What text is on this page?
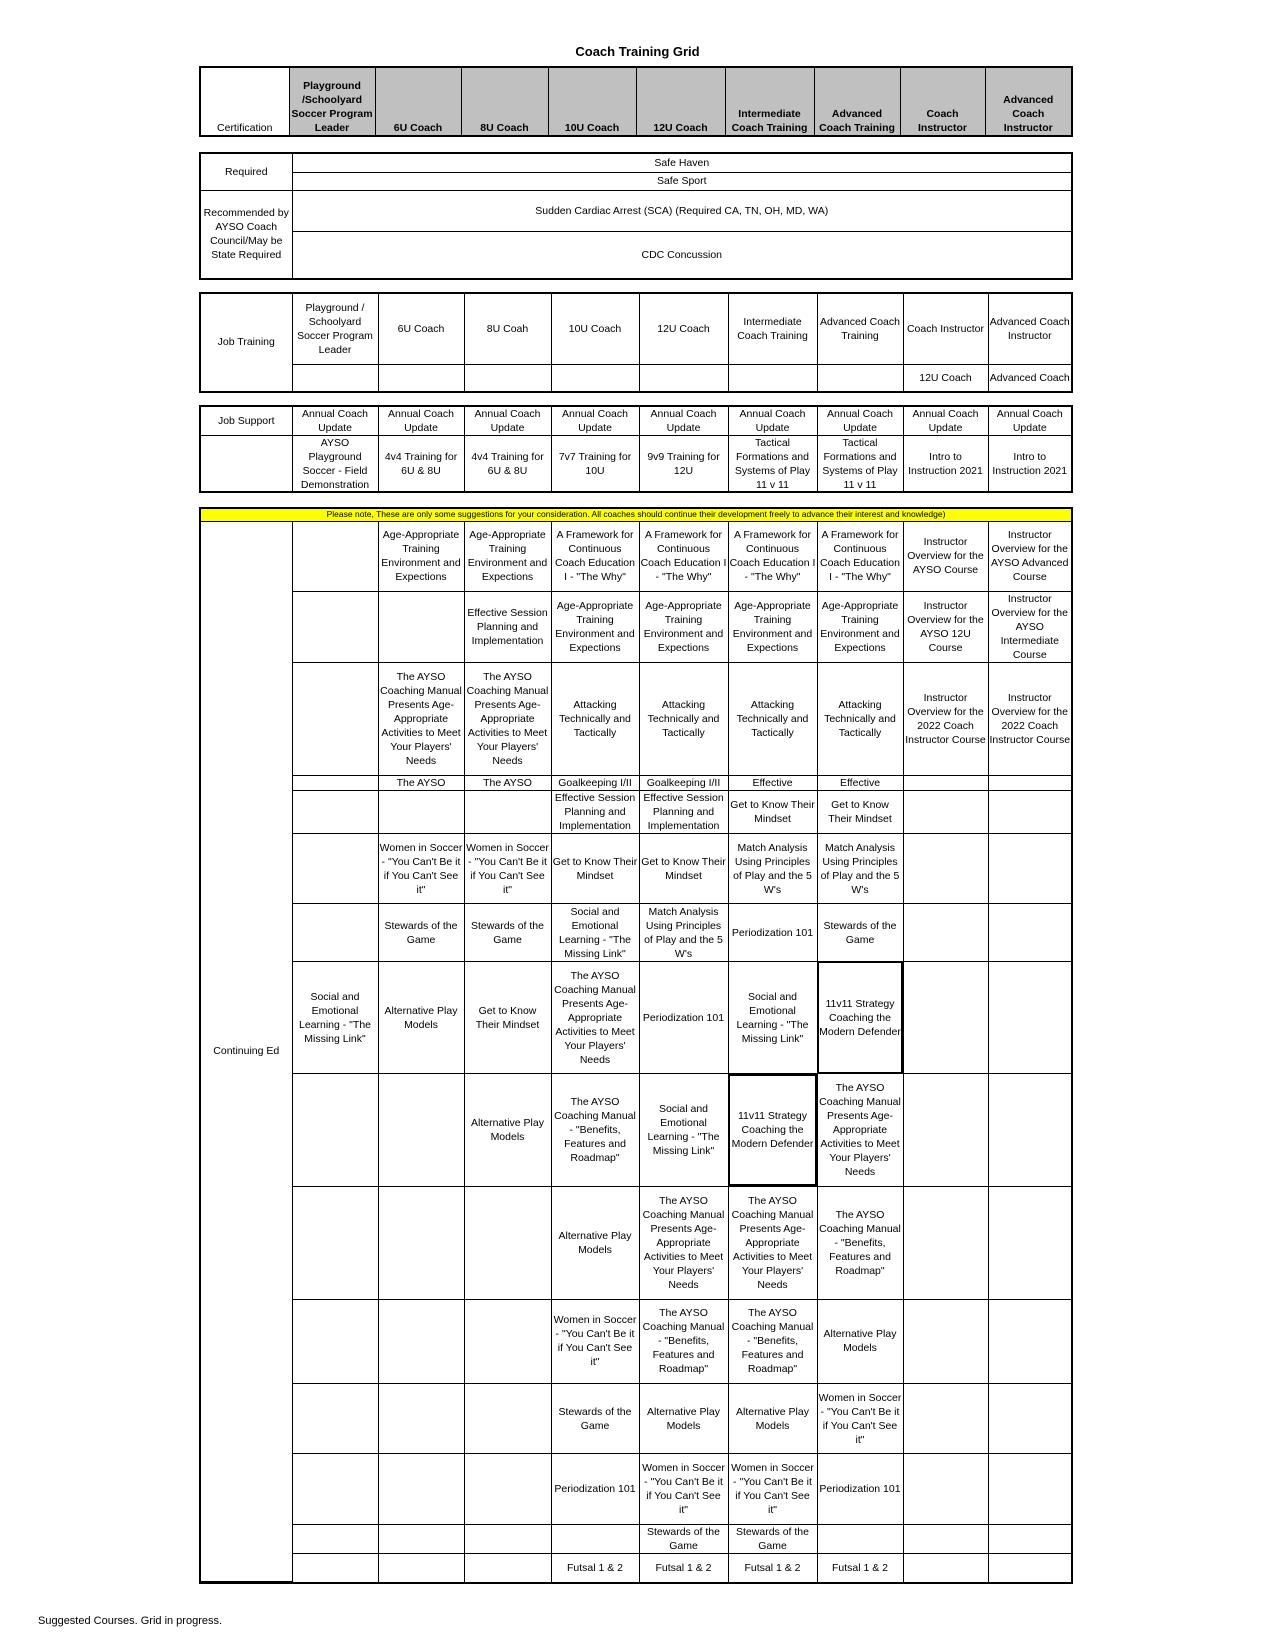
Coach Training Grid
Certification	Playground /Schoolyard Soccer Program Leader	6U Coach	8U Coach	10U Coach	12U Coach	Intermediate Coach Training	Advanced Coach Training	Coach Instructor	Advanced Coach Instructor
Required	Safe Haven
	Safe Sport
Recommended by AYSO Coach Council/May be State Required	Sudden Cardiac Arrest (SCA) (Required CA, TN, OH, MD, WA)
	CDC Concussion
Job Training	Playground / Schoolyard Soccer Program Leader	6U Coach	8U Coah	10U Coach	12U Coach	Intermediate Coach Training	Advanced Coach Training	Coach Instructor	Advanced Coach Instructor
								12U Coach	Advanced Coach
Job Support	Annual Coach Update	Annual Coach Update	Annual Coach Update	Annual Coach Update	Annual Coach Update	Annual Coach Update	Annual Coach Update	Annual Coach Update	Annual Coach Update
	AYSO Playground Soccer - Field Demonstration	4v4 Training for 6U & 8U	4v4 Training for 6U & 8U	7v7 Training for 10U	9v9 Training for 12U	Tactical Formations and Systems of Play 11 v 11	Tactical Formations and Systems of Play 11 v 11	Intro to Instruction 2021	Intro to Instruction 2021
Please note, These are only some suggestions for your consideration. All coaches should continue their development freely to advance their interest and knowledge)									
Continuing Ed		Age-Appropriate Training Environment and Expections	Age-Appropriate Training Environment and Expections	A Framework for Continuous Coach Education I - "The Why"	A Framework for Continuous Coach Education I - "The Why"	A Framework for Continuous Coach Education I - "The Why"	A Framework for Continuous Coach Education I - "The Why"	Instructor Overview for the AYSO Course	Instructor Overview for the AYSO Advanced Course
			Effective Session Planning and Implementation	Age-Appropriate Training Environment and Expections	Age-Appropriate Training Environment and Expections	Age-Appropriate Training Environment and Expections	Age-Appropriate Training Environment and Expections	Instructor Overview for the AYSO 12U Course	Instructor Overview for the AYSO Intermediate Course
		The AYSO Coaching Manual Presents Age-Appropriate Activities to Meet Your Players' Needs	The AYSO Coaching Manual Presents Age-Appropriate Activities to Meet Your Players' Needs	Attacking Technically and Tactically	Attacking Technically and Tactically	Attacking Technically and Tactically	Attacking Technically and Tactically	Instructor Overview for the 2022 Coach Instructor Course	Instructor Overview for the 2022 Coach Instructor Course
		The AYSO	The AYSO	Goalkeeping I/II	Goalkeeping I/II	Effective	Effective		
				Effective Session Planning and Implementation	Effective Session Planning and Implementation	Get to Know Their Mindset	Get to Know Their Mindset		
		Women in Soccer - "You Can't Be it if You Can't See it"	Women in Soccer - "You Can't Be it if You Can't See it"	Get to Know Their Mindset	Get to Know Their Mindset	Match Analysis Using Principles of Play and the 5 W's	Match Analysis Using Principles of Play and the 5 W's		
		Stewards of the Game	Stewards of the Game	Social and Emotional Learning - "The Missing Link"	Match Analysis Using Principles of Play and the 5 W's	Periodization 101	Stewards of the Game		
	Social and Emotional Learning - "The Missing Link"	Alternative Play Models	Get to Know Their Mindset	The AYSO Coaching Manual Presents Age-Appropriate Activities to Meet Your Players' Needs	Periodization 101	Social and Emotional Learning - "The Missing Link"	11v11 Strategy Coaching the Modern Defender		
			Alternative Play Models	The AYSO Coaching Manual - "Benefits, Features and Roadmap"	Social and Emotional Learning - "The Missing Link"	11v11 Strategy Coaching the Modern Defender	The AYSO Coaching Manual Presents Age-Appropriate Activities to Meet Your Players' Needs		
				Alternative Play Models	The AYSO Coaching Manual Presents Age-Appropriate Activities to Meet Your Players' Needs	The AYSO Coaching Manual Presents Age-Appropriate Activities to Meet Your Players' Needs	The AYSO Coaching Manual - "Benefits, Features and Roadmap"		
				Women in Soccer - "You Can't Be it if You Can't See it"	The AYSO Coaching Manual - "Benefits, Features and Roadmap"	The AYSO Coaching Manual - "Benefits, Features and Roadmap"	Alternative Play Models		
				Stewards of the Game	Alternative Play Models	Alternative Play Models	Women in Soccer - "You Can't Be it if You Can't See it"		
				Periodization 101	Women in Soccer - "You Can't Be it if You Can't See it"	Women in Soccer - "You Can't Be it if You Can't See it"	Periodization 101		
					Stewards of the Game	Stewards of the Game			
				Futsal 1 & 2	Futsal 1 & 2	Futsal 1 & 2	Futsal 1 & 2		
Suggested Courses. Grid in progress.
